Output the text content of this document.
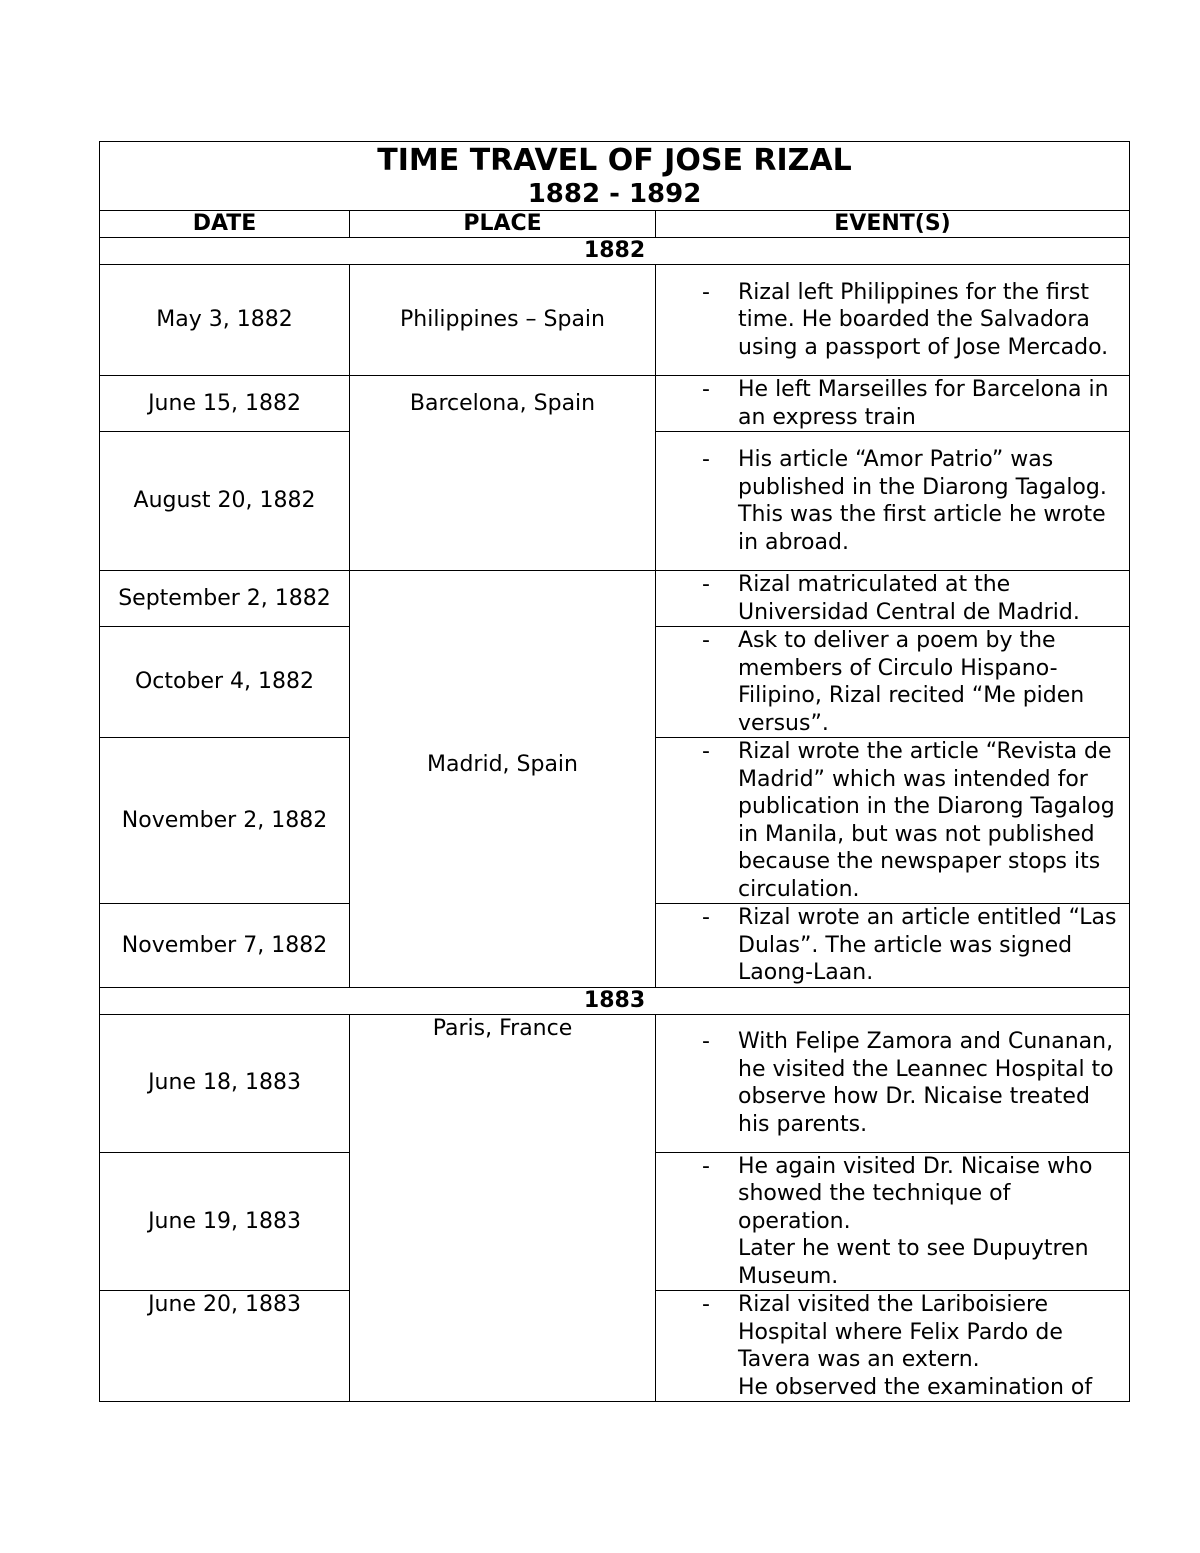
TIME TRAVEL OF JOSE RIZAL
1882 - 1892		

DATE	PLACE	EVENT(S)
1882		
May 3, 1882	Philippines – Spain	- Rizal left Philippines for the first time. He boarded the Salvadora using a passport of Jose Mercado.

June 15, 1882	Barcelona, Spain	- He left Marseilles for Barcelona in an express train

August 20, 1882		- His article “Amor Patrio” was published in the Diarong Tagalog.

This was the first article he wrote in abroad.

September 2, 1882	Madrid, Spain	- Rizal matriculated at the Universidad Central de Madrid.

October 4, 1882		- Ask to deliver a poem by the members of Circulo Hispano-Filipino, Rizal recited “Me piden versus”.

November 2, 1882		- Rizal wrote the article “Revista de Madrid” which was intended for publication in the Diarong Tagalog in Manila, but was not published because the newspaper stops its circulation.

November 7, 1882		- Rizal wrote an article entitled “Las Dulas”. The article was signed Laong-Laan.

1883		
June 18, 1883	Paris, France	- With Felipe Zamora and Cunanan, he visited the Leannec Hospital to observe how Dr. Nicaise treated his parents.

June 19, 1883		- He again visited Dr. Nicaise who showed the technique of operation.

Later he went to see Dupuytren Museum.

June 20, 1883		- Rizal visited the Lariboisiere Hospital where Felix Pardo de Tavera was an extern.

He observed the examination of
